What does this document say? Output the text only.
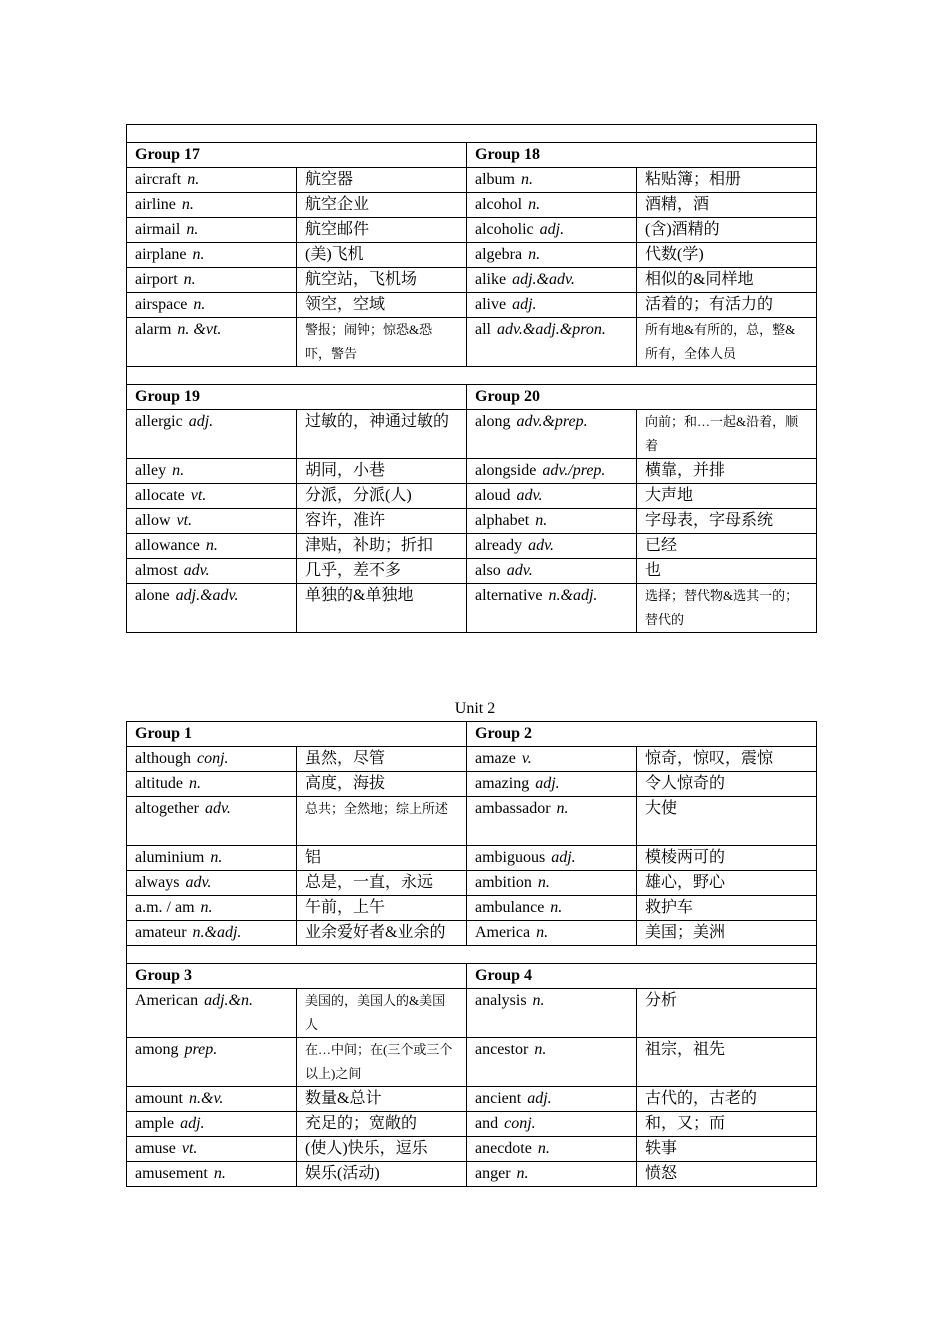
Group 17		Group 18	
aircraft n.	航空器	album n.	粘贴簿；相册
airline n.	航空企业	alcohol n.	酒精，酒
airmail n.	航空邮件	alcoholic adj.	(含)酒精的
airplane n.	(美)飞机	algebra n.	代数(学)
airport n.	航空站，飞机场	alike adj.&adv.	相似的&同样地
airspace n.	领空，空域	alive adj.	活着的；有活力的
alarm n. &vt.	警报；闹钟；惊恐&恐吓，警告	all adv.&adj.&pron.	所有地&有所的，总，整&所有，全体人员

Group 19		Group 20	
allergic adj.	过敏的，神通过敏的	along adv.&prep.	向前；和…一起&沿着，顺着
alley n.	胡同，小巷	alongside adv./prep.	横靠，并排
allocate vt.	分派，分派(人)	aloud adv.	大声地
allow vt.	容许，准许	alphabet n.	字母表，字母系统
allowance n.	津贴，补助；折扣	already adv.	已经
almost adv.	几乎，差不多	also adv.	也
alone adj.&adv.	单独的&单独地	alternative n.&adj.	选择；替代物&选其一的；替代的
Unit 2
Group 1		Group 2	
although conj.	虽然，尽管	amaze v.	惊奇，惊叹，震惊
altitude n.	高度，海拔	amazing adj.	令人惊奇的
altogether adv.	总共；全然地；综上所述	ambassador n.	大使
aluminium n.	铝	ambiguous adj.	模棱两可的
always adv.	总是，一直，永远	ambition n.	雄心，野心
a.m. / am n.	午前，上午	ambulance n.	救护车
amateur n.&adj.	业余爱好者&业余的	America n.	美国；美洲

Group 3		Group 4	
American adj.&n.	美国的，美国人的&美国人	analysis n.	分析
among prep.	在…中间；在(三个或三个以上)之间	ancestor n.	祖宗，祖先
amount n.&v.	数量&总计	ancient adj.	古代的，古老的
ample adj.	充足的；宽敞的	and conj.	和，又；而
amuse vt.	(使人)快乐，逗乐	anecdote n.	轶事
amusement n.	娱乐(活动)	anger n.	愤怒
